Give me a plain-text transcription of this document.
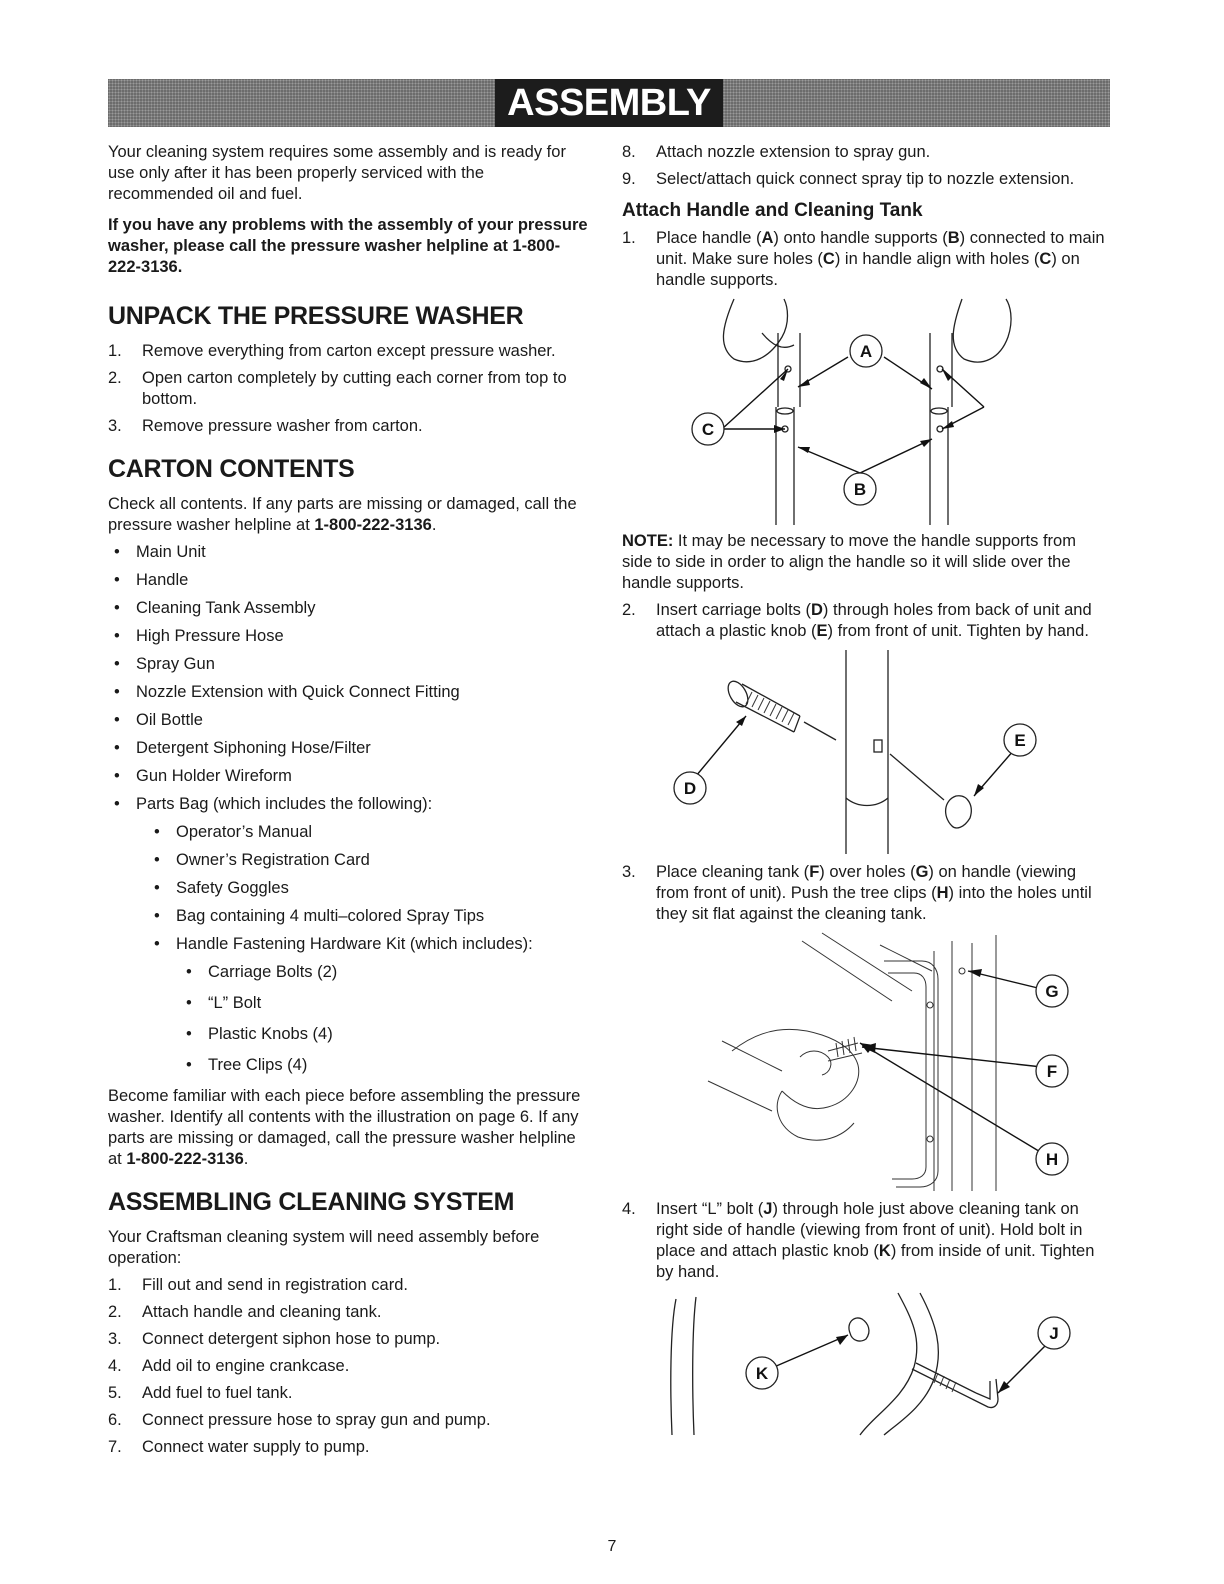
ASSEMBLY

Your cleaning system requires some assembly and is ready for use only after it has been properly serviced with the recommended oil and fuel.

If you have any problems with the assembly of your pressure washer, please call the pressure washer helpline at 1-800-222-3136.

UNPACK THE PRESSURE WASHER
1.	Remove everything from carton except pressure washer.
2.	Open carton completely by cutting each corner from top to bottom.
3.	Remove pressure washer from carton.
CARTON CONTENTS

Check all contents. If any parts are missing or damaged, call the pressure washer helpline at 1-800-222-3136.

• Main Unit
• Handle
• Cleaning Tank Assembly
• High Pressure Hose
• Spray Gun
• Nozzle Extension with Quick Connect Fitting
• Oil Bottle
• Detergent Siphoning Hose/Filter
• Gun Holder Wireform
• Parts Bag (which includes the following):
• Operator’s Manual
• Owner’s Registration Card
• Safety Goggles
• Bag containing 4 multi–colored Spray Tips
• Handle Fastening Hardware Kit (which includes):
• Carriage Bolts (2)
• “L” Bolt
• Plastic Knobs (4)
• Tree Clips (4)

Become familiar with each piece before assembling the pressure washer. Identify all contents with the illustration on page 6. If any parts are missing or damaged, call the pressure washer helpline at 1-800-222-3136.

ASSEMBLING CLEANING SYSTEM

Your Craftsman cleaning system will need assembly before operation:

1.	Fill out and send in registration card.
2.	Attach handle and cleaning tank.
3.	Connect detergent siphon hose to pump.
4.	Add oil to engine crankcase.
5.	Add fuel to fuel tank.
6.	Connect pressure hose to spray gun and pump.
7.	Connect water supply to pump.
8.	Attach nozzle extension to spray gun.
9.	Select/attach quick connect spray tip to nozzle extension.
Attach Handle and Cleaning Tank
1.	Place handle (A) onto handle supports (B) connected to main unit. Make sure holes (C) in handle align with holes (C) on handle supports.
A
B
C

NOTE: It may be necessary to move the handle supports from side to side in order to align the handle so it will slide over the handle supports.

2.	Insert carriage bolts (D) through holes from back of unit and attach a plastic knob (E) from front of unit. Tighten by hand.
D
E
3.	Place cleaning tank (F) over holes (G) on handle (viewing from front of unit). Push the tree clips (H) into the holes until they sit flat against the cleaning tank.
G
F
H
4.	Insert “L” bolt (J) through hole just above cleaning tank on right side of handle (viewing from front of unit). Hold bolt in place and attach plastic knob (K) from inside of unit. Tighten by hand.
K
J
7
